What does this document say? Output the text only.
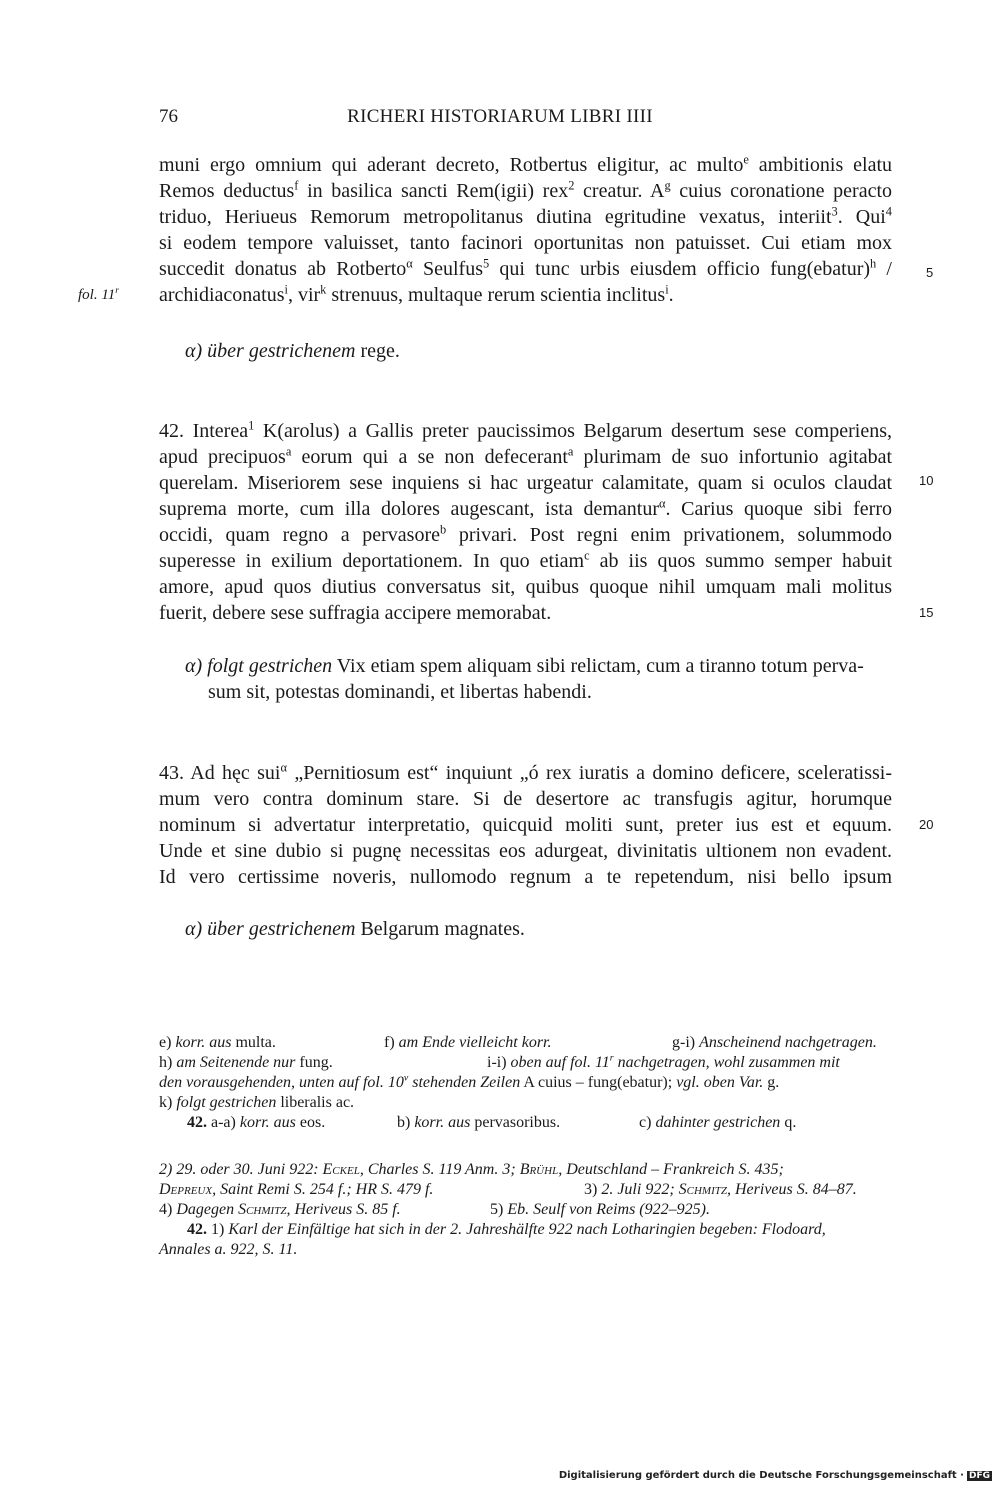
76	RICHERI HISTORIARUM LIBRI IIII
muni ergo omnium qui aderant decreto, Rotbertus eligitur, ac multo$^e$ ambitionis elatu
Remos deductus$^f$ in basilica sancti Rem(igii) rex$^2$ creatur. $A^g$ cuius coronatione peracto
triduo, Herіueus Remorum metropolitanus diutina egritudine vexatus, interiit$^3$. Qui$^4$
si eodem tempore valuisset, tanto facinori oportunitas non patuisset. Cui etiam mox
succedit donatus ab Rotberto$^\alpha$ Seulfus$^5$ qui tunc urbis eiusdem officio fung(ebatur)$^h$ /
archidiaconatus$^i$, vir$^k$ strenuus, multaque rerum scientia inclitus$^i$.
5
fol. 11$^r$
α) über gestrichenem rege.
42. Interea$^1$ K(arolus) a Gallis preter paucissimos Belgarum desertum sese comperiens,
apud precipuos$^a$ eorum qui a se non defecerant$^a$ plurimam de suo infortunio agitabat
querelam. Miseriorem sese inquiens si hac urgeatur calamitate, quam si oculos claudat
suprema morte, cum illa dolores augescant, ista demantur$^\alpha$. Carius quoque sibi ferro
occidi, quam regno a pervasore$^b$ privari. Post regni enim privationem, solummodo
superesse in exilium deportationem. In quo etiam$^c$ ab iis quos summo semper habuit
amore, apud quos diutius conversatus sit, quibus quoque nihil umquam mali molitus
fuerit, debere sese suffragia accipere memorabat.
10
15
α) folgt gestrichen Vix etiam spem aliquam sibi relictam, cum a tiranno totum perva-
sum sit, potestas dominandi, et libertas habendi.
43. Ad hęc sui$^\alpha$ „Pernitiosum est“ inquiunt „ó rex iuratis a domino deficere, sceleratissi-
mum vero contra dominum stare. Si de desertore ac transfugis agitur, horumque
nominum si advertatur interpretatio, quicquid moliti sunt, preter ius est et equum.
Unde et sine dubio si pugnę necessitas eos adurgeat, divinitatis ultionem non evadent.
Id vero certissime noveris, nullomodo regnum a te repetendum, nisi bello ipsum
20
α) über gestrichenem Belgarum magnates.
e) korr. aus multa.	f) am Ende vielleicht korr.	g-i) Anscheinend nachgetragen.
h) am Seitenende nur fung.	i-i) oben auf fol. 11$^r$ nachgetragen, wohl zusammen mit
den vorausgehenden, unten auf fol. 10$^v$ stehenden Zeilen A cuius – fung(ebatur); vgl. oben Var. g.
k) folgt gestrichen liberalis ac.
42. a-a) korr. aus eos.	b) korr. aus pervasoribus.	c) dahinter gestrichen q.
2) 29. oder 30. Juni 922: Eckel, Charles S. 119 Anm. 3; Brühl, Deutschland – Frankreich S. 435;
Depreux, Saint Remi S. 254 f.; HR S. 479 f.	3) 2. Juli 922; Schmitz, Heriveus S. 84–87.
4) Dagegen Schmitz, Heriveus S. 85 f.	5) Eb. Seulf von Reims (922–925).
42. 1) Karl der Einfältige hat sich in der 2. Jahreshälfte 922 nach Lotharingien begeben: Flodoard,
Annales a. 922, S. 11.
Digitalisierung gefördert durch die Deutsche Forschungsgemeinschaft · DFG
